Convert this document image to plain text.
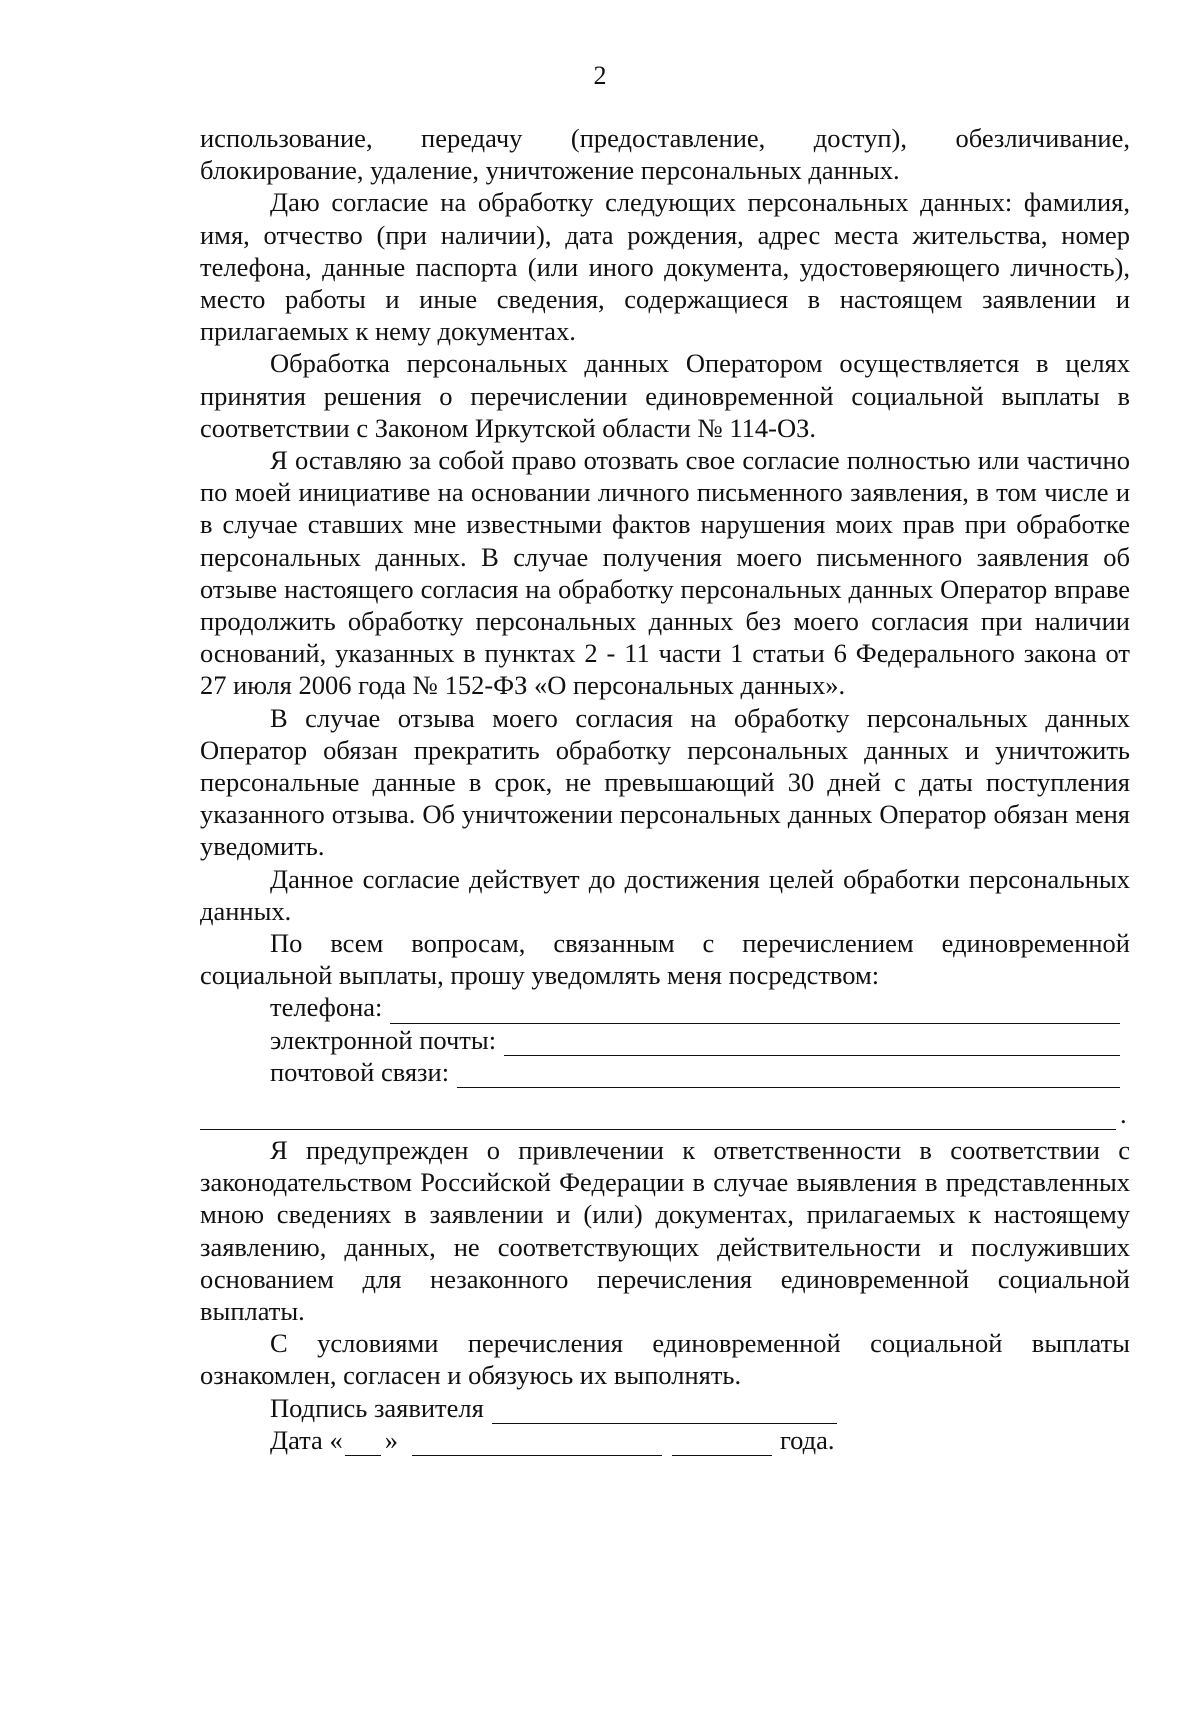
2

использование, передачу (предоставление, доступ), обезличивание, блокирование, удаление, уничтожение персональных данных.

Даю согласие на обработку следующих персональных данных: фамилия, имя, отчество (при наличии), дата рождения, адрес места жительства, номер телефона, данные паспорта (или иного документа, удостоверяющего личность), место работы и иные сведения, содержащиеся в настоящем заявлении и прилагаемых к нему документах.

Обработка персональных данных Оператором осуществляется в целях принятия решения о перечислении единовременной социальной выплаты в соответствии с Законом Иркутской области № 114-ОЗ.

Я оставляю за собой право отозвать свое согласие полностью или частично по моей инициативе на основании личного письменного заявления, в том числе и в случае ставших мне известными фактов нарушения моих прав при обработке персональных данных. В случае получения моего письменного заявления об отзыве настоящего согласия на обработку персональных данных Оператор вправе продолжить обработку персональных данных без моего согласия при наличии оснований, указанных в пунктах 2 - 11 части 1 статьи 6 Федерального закона от 27 июля 2006 года № 152-ФЗ «О персональных данных».

В случае отзыва моего согласия на обработку персональных данных Оператор обязан прекратить обработку персональных данных и уничтожить персональные данные в срок, не превышающий 30 дней с даты поступления указанного отзыва. Об уничтожении персональных данных Оператор обязан меня уведомить.

Данное согласие действует до достижения целей обработки персональных данных.

По всем вопросам, связанным с перечислением единовременной социальной выплаты, прошу уведомлять меня посредством:

телефона:
электронной почты:
почтовой связи:
.

Я предупрежден о привлечении к ответственности в соответствии с законодательством Российской Федерации в случае выявления в представленных мною сведениях в заявлении и (или) документах, прилагаемых к настоящему заявлению, данных, не соответствующих действительности и послуживших основанием для незаконного перечисления единовременной социальной выплаты.

С условиями перечисления единовременной социальной выплаты ознакомлен, согласен и обязуюсь их выполнять.

Подпись заявителя
Дата « »	года.
